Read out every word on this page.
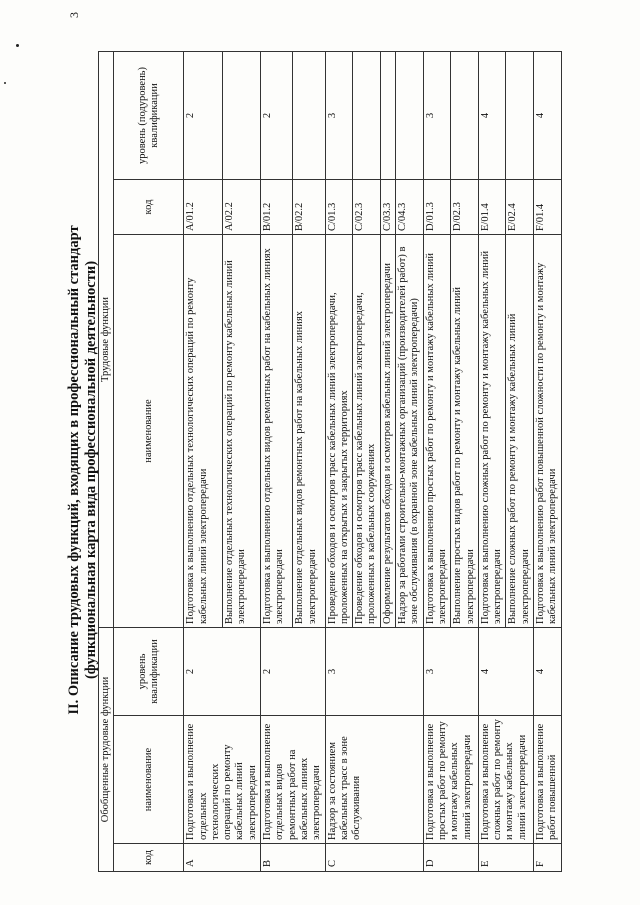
3
II. Описание трудовых функций, входящих в профессиональный стандарт (функциональная карта вида профессиональной деятельности)
Обобщенные трудовые функции			Трудовые функции		
код	наименование	уровень квалификации	наименование	код	уровень (подуровень) квалификации
A	Подготовка и выполнение отдельных технологических операций по ремонту кабельных линий электропередачи	2	Подготовка к выполнению отдельных технологических операций по ремонту кабельных линий электропередачи	A/01.2	2
			Выполнение отдельных технологических операций по ремонту кабельных линий электропередачи	A/02.2	
B	Подготовка и выполнение отдельных видов ремонтных работ на кабельных линиях электропередачи	2	Подготовка к выполнению отдельных видов ремонтных работ на кабельных линиях электропередачи	B/01.2	2
			Выполнение отдельных видов ремонтных работ на кабельных линиях электропередачи	B/02.2	
C	Надзор за состоянием кабельных трасс в зоне обслуживания	3	Проведение обходов и осмотров трасс кабельных линий электропередачи, проложенных на открытых и закрытых территориях	C/01.3	3
			Проведение обходов и осмотров трасс кабельных линий электропередачи, проложенных в кабельных сооружениях	C/02.3	
			Оформление результатов обходов и осмотров кабельных линий электропередачи	C/03.3	
			Надзор за работами строительно-монтажных организаций (производителей работ) в зоне обслуживания (в охранной зоне кабельных линий электропередачи)	C/04.3	
D	Подготовка и выполнение простых работ по ремонту и монтажу кабельных линий электропередачи	3	Подготовка к выполнению простых работ по ремонту и монтажу кабельных линий электропередачи	D/01.3	3
			Выполнение простых видов работ по ремонту и монтажу кабельных линий электропередачи	D/02.3	
E	Подготовка и выполнение сложных работ по ремонту и монтажу кабельных линий электропередачи	4	Подготовка к выполнению сложных работ по ремонту и монтажу кабельных линий электропередачи	E/01.4	4
			Выполнение сложных работ по ремонту и монтажу кабельных линий электропередачи	E/02.4	
F	Подготовка и выполнение работ повышенной	4	Подготовка к выполнению работ повышенной сложности по ремонту и монтажу кабельных линий электропередачи	F/01.4	4
